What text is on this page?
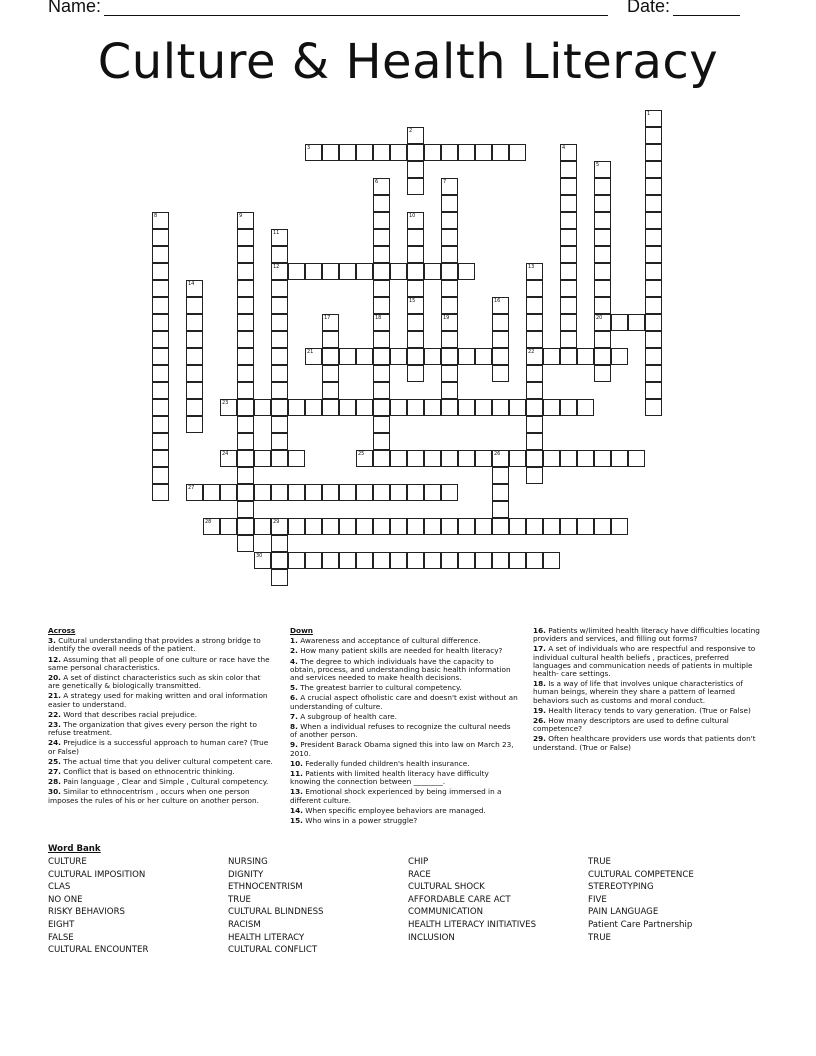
Name:	Date:
Culture & Health Literacy
1
2
3	4
5
20
6
18
7
19
8	9	10
11
12	13
22
14
15	16
17
21
23
24	25	26
27
28	29
30
Across
3. Cultural understanding that provides a strong bridge to identify the overall needs of the patient.
12. Assuming that all people of one culture or race have the same personal characteristics.
20. A set of distinct characteristics such as skin color that are genetically & biologically transmitted.
21. A strategy used for making written and oral information easier to understand.
22. Word that describes racial prejudice.
23. The organization that gives every person the right to refuse treatment.
24. Prejudice is a successful approach to human care? (True or False)
25. The actual time that you deliver cultural competent care.
27. Conflict that is based on ethnocentric thinking.
28. Pain language , Clear and Simple , Cultural competency.
30. Similar to ethnocentrism , occurs when one person imposes the rules of his or her culture on another person.
Down
1. Awareness and acceptance of cultural difference.
2. How many patient skills are needed for health literacy?
4. The degree to which individuals have the capacity to obtain, process, and understanding basic health information and services needed to make health decisions.
5. The greatest barrier to cultural competency.
6. A crucial aspect ofholistic care and doesn't exist without an understanding of culture.
7. A subgroup of health care.
8. When a individual refuses to recognize the cultural needs of another person.
9. President Barack Obama signed this into law on March 23, 2010.
10. Federally funded children's health insurance.
11. Patients with limited health literacy have difficulty knowing the connection between ________.
13. Emotional shock experienced by being immersed in a different culture.
14. When specific employee behaviors are managed.
15. Who wins in a power struggle?
16. Patients w/limited health literacy have difficulties locating providers and services, and filling out forms?
17. A set of individuals who are respectful and responsive to individual cultural health beliefs , practices, preferred languages and communication needs of patients in multiple health- care settings.
18. Is a way of life that involves unique characteristics of human beings, wherein they share a pattern of learned behaviors such as customs and moral conduct.
19. Health literacy tends to vary generation. (True or False)
26. How many descriptors are used to define cultural competence?
29. Often healthcare providers use words that patients don't understand. (True or False)
Word Bank
CULTURE
CULTURAL IMPOSITION
CLAS
NO ONE
RISKY BEHAVIORS
EIGHT
FALSE
CULTURAL ENCOUNTER
NURSING
DIGNITY
ETHNOCENTRISM
TRUE
CULTURAL BLINDNESS
RACISM
HEALTH LITERACY
CULTURAL CONFLICT
CHIP
RACE
CULTURAL SHOCK
AFFORDABLE CARE ACT
COMMUNICATION
HEALTH LITERACY INITIATIVES
INCLUSION
TRUE
CULTURAL COMPETENCE
STEREOTYPING
FIVE
PAIN LANGUAGE
Patient Care Partnership
TRUE
